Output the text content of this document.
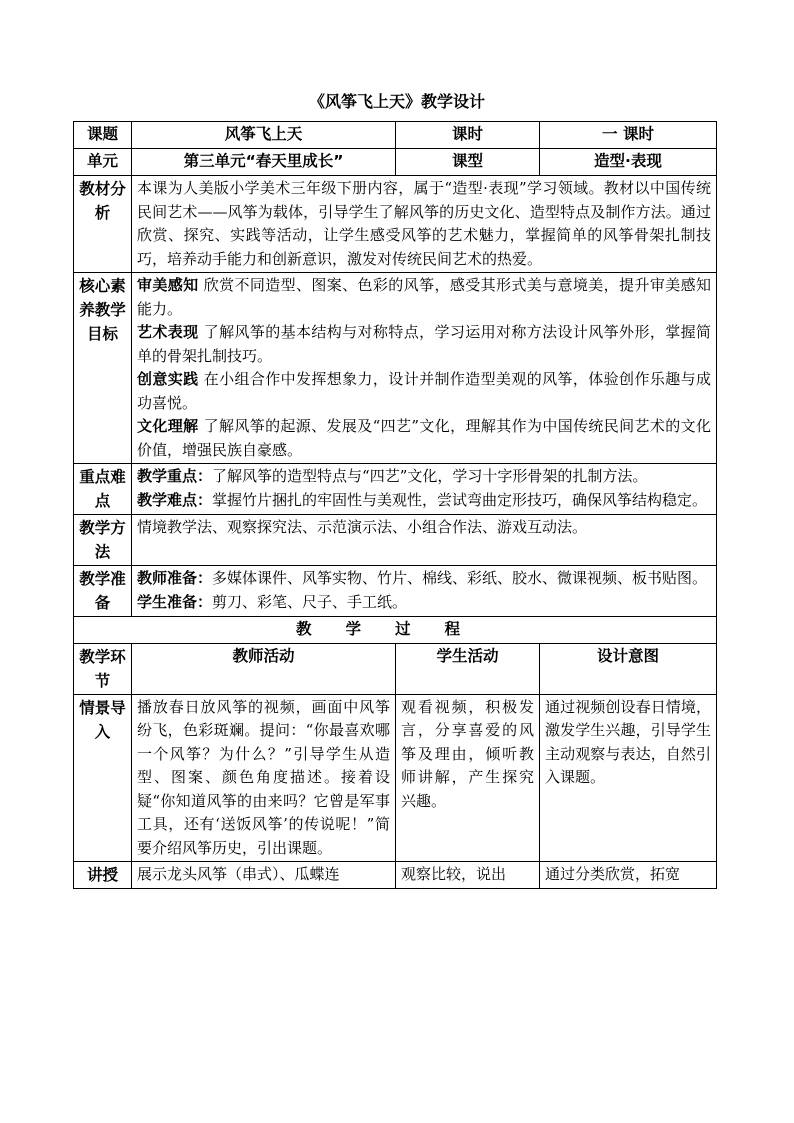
《风筝飞上天》教学设计
课题	风筝飞上天	课时	一 课时
单元	第三单元“春天里成长”	课型	造型·表现
教材分析	本课为人美版小学美术三年级下册内容，属于“造型·表现”学习领域。教材以中国传统民间艺术——风筝为载体，引导学生了解风筝的历史文化、造型特点及制作方法。通过欣赏、探究、实践等活动，让学生感受风筝的艺术魅力，掌握简单的风筝骨架扎制技巧，培养动手能力和创新意识，激发对传统民间艺术的热爱。		
核心素养教学目标	审美感知 欣赏不同造型、图案、色彩的风筝，感受其形式美与意境美，提升审美感知能力。
艺术表现 了解风筝的基本结构与对称特点，学习运用对称方法设计风筝外形，掌握简单的骨架扎制技巧。
创意实践 在小组合作中发挥想象力，设计并制作造型美观的风筝，体验创作乐趣与成功喜悦。
文化理解 了解风筝的起源、发展及“四艺”文化，理解其作为中国传统民间艺术的文化价值，增强民族自豪感。		

重点难点	教学重点：了解风筝的造型特点与“四艺”文化，学习十字形骨架的扎制方法。
教学难点：掌握竹片捆扎的牢固性与美观性，尝试弯曲定形技巧，确保风筝结构稳定。		

教学方法	情境教学法、观察探究法、示范演示法、小组合作法、游戏互动法。		
教学准备	教师准备：多媒体课件、风筝实物、竹片、棉线、彩纸、胶水、微课视频、板书贴图。
学生准备：剪刀、彩笔、尺子、手工纸。		

教学过程			
教学环节	教师活动	学生活动	设计意图
情景导入	播放春日放风筝的视频，画面中风筝纷飞，色彩斑斓。提问：“你最喜欢哪一个风筝？为什么？”引导学生从造型、图案、颜色角度描述。接着设疑“你知道风筝的由来吗？它曾是军事工具，还有‘送饭风筝’的传说呢！”简要介绍风筝历史，引出课题。	观看视频，积极发言，分享喜爱的风筝及理由，倾听教师讲解，产生探究兴趣。	通过视频创设春日情境，激发学生兴趣，引导学生主动观察与表达，自然引入课题。
讲授	展示龙头风筝（串式）、瓜蝶连	观察比较，说出	通过分类欣赏，拓宽
